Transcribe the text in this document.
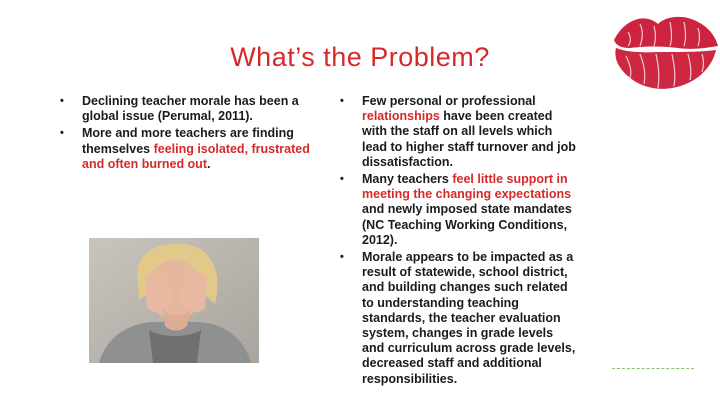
What’s the Problem?
•	Declining teacher morale has been a global issue (Perumal, 2011).
•	More and more teachers are finding themselves feeling isolated, frustrated and often burned out.
•	Few personal or professional relationships have been created with the staff on all levels which lead to higher staff turnover and job dissatisfaction.
•	Many teachers feel little support in meeting the changing expectations and newly imposed state mandates (NC Teaching Working Conditions, 2012).
•	Morale appears to be impacted as a result of statewide, school district, and building changes such related to understanding teaching standards, the teacher evaluation system, changes in grade levels and curriculum across grade levels, decreased staff and additional responsibilities.
